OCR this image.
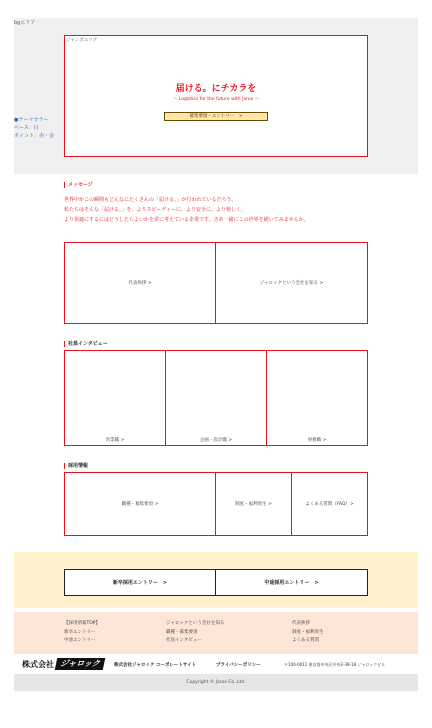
bgエリア
●テーマカラー
ベース：白
ポイント：赤・金
ジャンボエリア
届ける。にチカラを
〜 Logistics for the future with Jarox 〜
募集要項・エントリー　>
メッセージ
世界中がこの瞬間もどんなにたくさんの「届ける。」が行われているだろう。
私たちはそんな「届ける。」を、よりスピーディーに、より安全に、より楽しく、
より快適にするにはどうしたらよいかを常に考えている企業です。さあ一緒にこの世界を描いてみませんか。
代表挨拶 >	ジャロックという会社を知る >
社員インタビュー
営業職 >	企画・設計職 >	事務職 >
採用情報
職種・募集要項 >	制度・福利厚生 >	よくある質問（FAQ）>
新卒採用エントリー　>	中途採用エントリー　>
【採用情報TOP】
新卒エントリー
中途エントリー
ジャロックという会社を知る
職種・募集要項
社員インタビュー
代表挨拶
制度・福利厚生
よくある質問
株式会社 ジャロック	株式会社ジャロック コーポレートサイト	プライバシーポリシー	〒100-0011 東京都中央区中央2-39-18 ジャロックビル
Copyright © Jarox Co.,Ltd.
